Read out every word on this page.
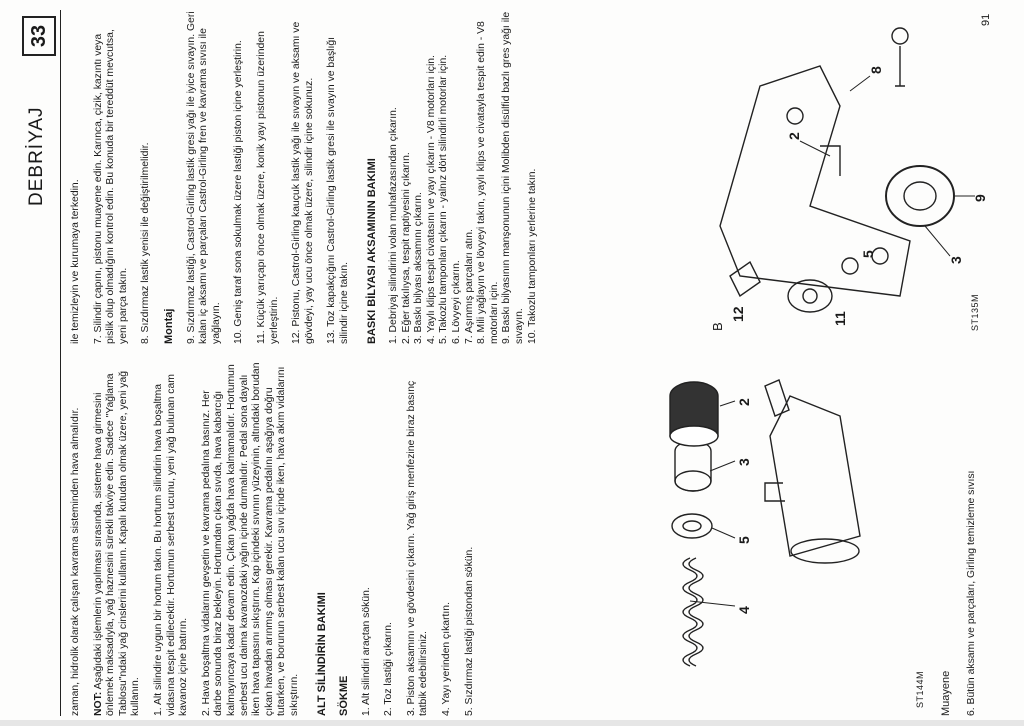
DEBRİYAJ
33

zaman, hidrolik olarak çalışan kavrama sisteminden hava almalıdır. NOT: Aşağıdaki işlemlerin yapılması sırasında, sisteme hava girmesini önlemek maksadıyla, yağ haznesini sürekli takviye edin. Sadece "Yağlama Tablosu"ndaki yağ cinslerini kullanın. Kapalı kutudan olmak üzere, yeni yağ kullanın. 1. Alt silindire uygun bir hortum takın. Bu hortum silindirin hava boşaltma vidasına tespit edilecektir. Hortumun serbest ucunu, yeni yağ bulunan cam kavanoz içine batırın. 2. Hava boşaltma vidalarını gevşetin ve kavrama pedalına basınız. Her darbe sonunda biraz bekleyin. Hortumdan çıkan sıvıda, hava kabarcığı kalmayıncaya kadar devam edin. Çıkan yağda hava kalmamalıdır. Hortumun serbest ucu daima kavanozdaki yağın içinde durmalıdır. Pedal sona dayalı iken hava tapasını sıkıştırın. Kap içindeki sıvının yüzeyinin, altındaki borudan çıkan havadan arınmış olması gerekir. Kavrama pedalını aşağıya doğru tutarken, ve borunun serbest kalan ucu sıvı içinde iken, hava akım vidalarını sıkıştırın. ALT SİLİNDİRİN BAKIMI SÖKME 1. Alt silindiri araçtan sökün. 2. Toz lastiği çıkarın. 3. Piston aksamını ve gövdesini çıkarın. Yağ giriş menfezine biraz basınç tatbik edebilirsiniz. 4. Yayı yerinden çıkartın. 5. Sızdırmaz lastiği pistondan sökün.	4
5
3
2
ST144M Muayene 6. Bütün aksamı ve parçaları, Girling temizleme sıvısı

ile temizleyin ve kurumaya terkedin. 7. Silindir çapını, pistonu muayene edin. Karınca, çizik, kazıntı veya pislik olup olmadığını kontrol edin. Bu konuda bir tereddüt mevcutsa, yeni parça takın. 8. Sızdırmaz lastik yenisi ile değiştirilmelidir. Montaj 9. Sızdırmaz lastiği, Castrol-Girling lastik gresi yağı ile iyice sıvayın. Geri kalan iç aksamı ve parçaları Castrol-Girling fren ve kavrama sıvısı ile yağlayın. 10. Geniş taraf sona sokulmak üzere lastiği piston içine yerleştirin. 11. Küçük yarıçapı önce olmak üzere, konik yayı pistonun üzerinden yerleştirin. 12. Pistonu, Castrol-Girling kauçuk lastik yağı ile sıvayın ve aksamı ve gövdeyi, yay ucu önce olmak üzere, silindir içine sokunuz. 13. Toz kapakçığını Castrol-Girling lastik gresi ile sıvayın ve başlığı silindir içine takın. BASKI BİLYASI AKSAMININ BAKIMI 1. Debriyaj silindirini volan muhafazasından çıkarın. 2. Eğer takılıysa, tespit raptiyesini çıkarın. 3. Baskı bilyası aksamını çıkarın. 4. Yaylı klips tespit civatasını ve yayı çıkarın - V8 motorları için. 5. Takozlu tamponları çıkarın - yalnız dört silindirli motorlar için. 6. Lövyeyi çıkarın. 7. Aşınmış parçaları atın. 8. Mili yağlayın ve lövyeyi takın, yaylı klips ve civatayla tespit edin - V8 motorları için. 9. Baskı bilyasının manşonunun içini Molibden disülfid bazlı gres yağı ile sıvayın. 10. Takozlu tamponları yerlerine takın.	9
3
2
8
5
12	11
B	ST135M
91
